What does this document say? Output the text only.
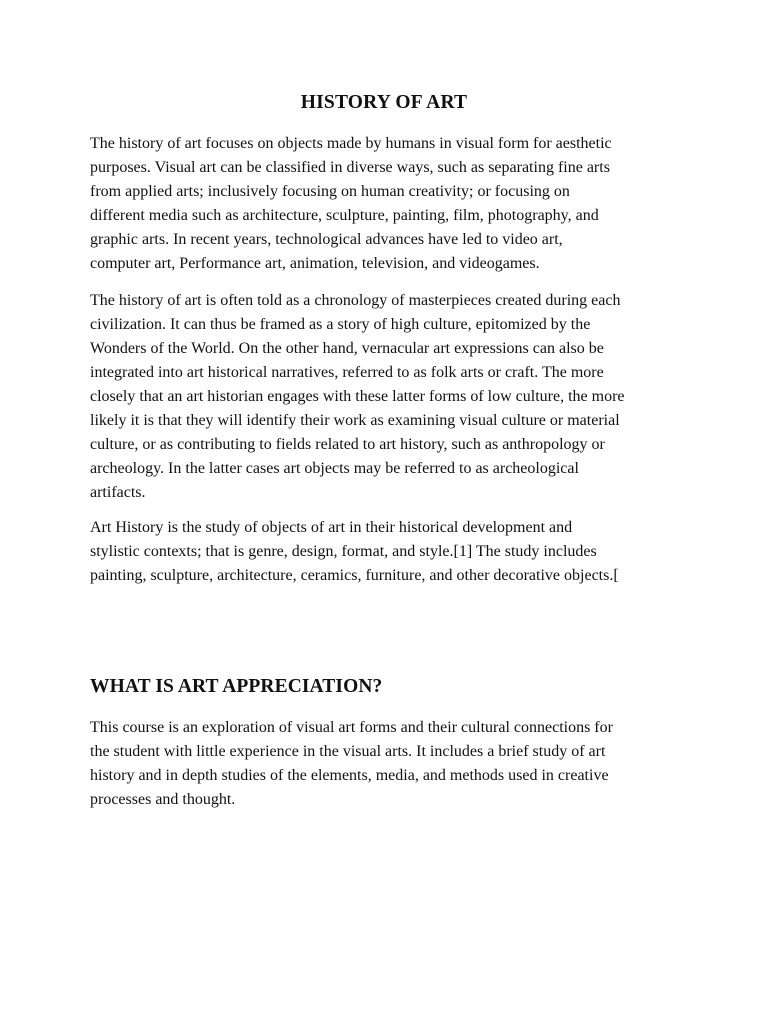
HISTORY OF ART

The history of art focuses on objects made by humans in visual form for aesthetic
purposes. Visual art can be classified in diverse ways, such as separating fine arts
from applied arts; inclusively focusing on human creativity; or focusing on
different media such as architecture, sculpture, painting, film, photography, and
graphic arts. In recent years, technological advances have led to video art,
computer art, Performance art, animation, television, and videogames.

The history of art is often told as a chronology of masterpieces created during each
civilization. It can thus be framed as a story of high culture, epitomized by the
Wonders of the World. On the other hand, vernacular art expressions can also be
integrated into art historical narratives, referred to as folk arts or craft. The more
closely that an art historian engages with these latter forms of low culture, the more
likely it is that they will identify their work as examining visual culture or material
culture, or as contributing to fields related to art history, such as anthropology or
archeology. In the latter cases art objects may be referred to as archeological
artifacts.

Art History is the study of objects of art in their historical development and
stylistic contexts; that is genre, design, format, and style.[1] The study includes
painting, sculpture, architecture, ceramics, furniture, and other decorative objects.[

WHAT IS ART APPRECIATION?

This course is an exploration of visual art forms and their cultural connections for
the student with little experience in the visual arts. It includes a brief study of art
history and in depth studies of the elements, media, and methods used in creative
processes and thought.
